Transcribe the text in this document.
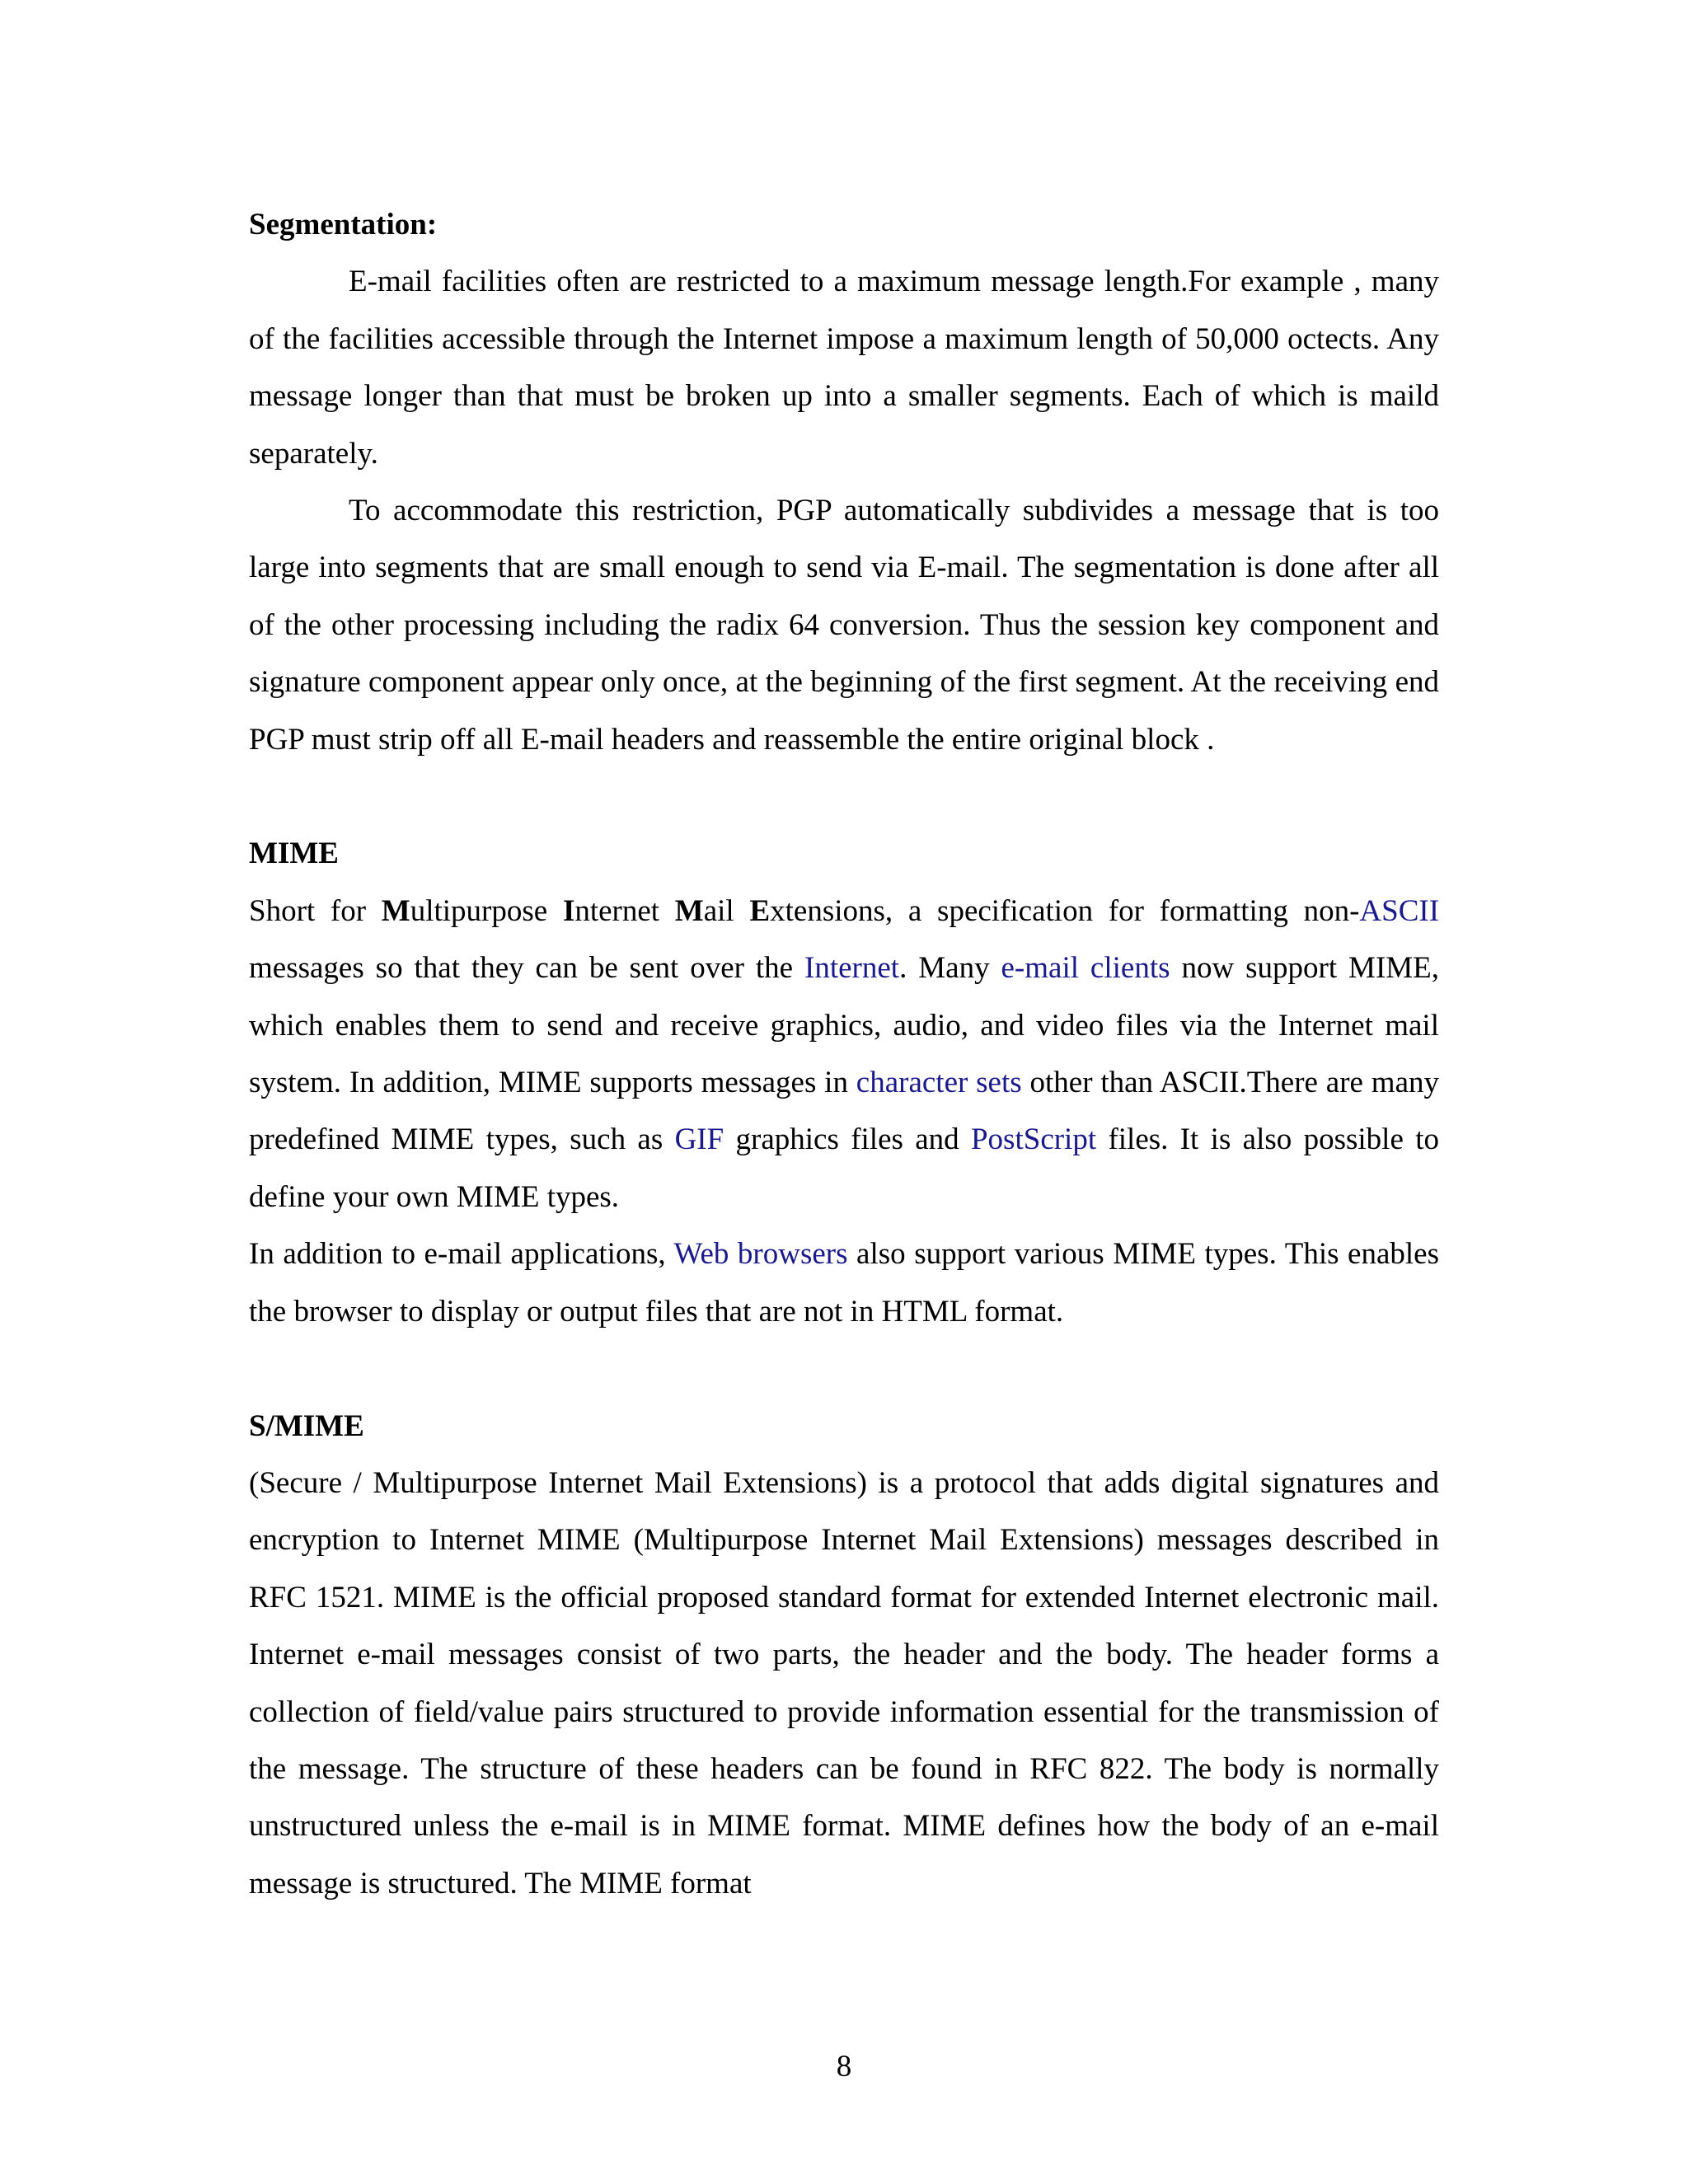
Segmentation:

E-mail facilities often are restricted to a maximum message length.For example , many of the facilities accessible through the Internet impose a maximum length of 50,000 octects. Any message longer than that must be broken up into a smaller segments. Each of which is maild separately.

To accommodate this restriction, PGP automatically subdivides a message that is too large into segments that are small enough to send via E-mail. The segmentation is done after all of the other processing including the radix 64 conversion. Thus the session key component and signature component appear only once, at the beginning of the first segment. At the receiving end PGP must strip off all E-mail headers and reassemble the entire original block .

MIME

Short for Multipurpose Internet Mail Extensions, a specification for formatting non-ASCII messages so that they can be sent over the Internet. Many e-mail clients now support MIME, which enables them to send and receive graphics, audio, and video files via the Internet mail system. In addition, MIME supports messages in character sets other than ASCII.There are many predefined MIME types, such as GIF graphics files and PostScript files. It is also possible to define your own MIME types.

In addition to e-mail applications, Web browsers also support various MIME types. This enables the browser to display or output files that are not in HTML format.

S/MIME

(Secure / Multipurpose Internet Mail Extensions) is a protocol that adds digital signatures and encryption to Internet MIME (Multipurpose Internet Mail Extensions) messages described in RFC 1521. MIME is the official proposed standard format for extended Internet electronic mail. Internet e-mail messages consist of two parts, the header and the body. The header forms a collection of field/value pairs structured to provide information essential for the transmission of the message. The structure of these headers can be found in RFC 822. The body is normally unstructured unless the e-mail is in MIME format. MIME defines how the body of an e-mail message is structured. The MIME format

8
